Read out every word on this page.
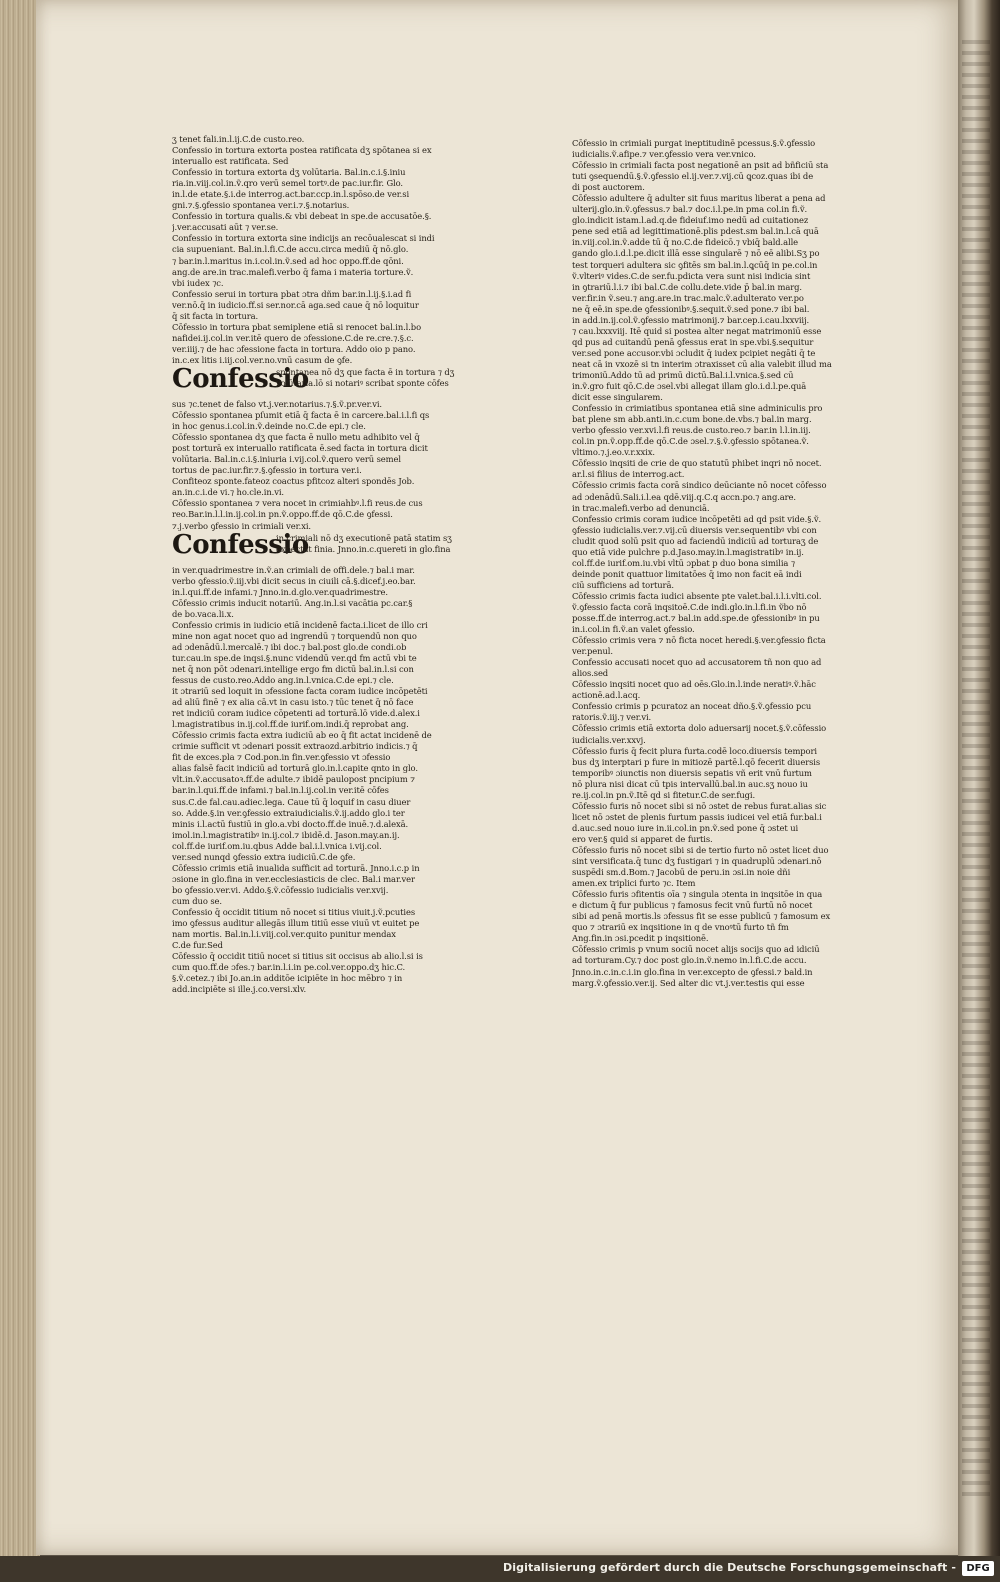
ʒ tenet fali.in.l.ij.C.de custo.reo.
Confessio in tortura extorta postea ratificata dʒ spōtanea si ex
interuallo est ratificata. Sed
Confessio in tortura extorta dʒ volūtaria. Bal.in.c.i.§.iniu
ria.in.viij.col.in.ṽ.qro verū semel tortꝰ.de pac.iur.fir. Glo.
in.l.de etate.§.i.de interrog.act.bar.ccp.in.l.spōso.de ver.si
gni.⁊.§.ꝯfessio spontanea ver.i.⁊.§.notarius.
Confessio in tortura qualis.& vbi debeat in spe.de accusatōe.§.
j.ver.accusati aūt ⁊ ver.se.
Confessio in tortura extorta sine indicijs an recōualescat si indi
cia supueniant. Bal.in.l.fi.C.de accu.circa mediū q̄ nō.glo.
⁊ bar.in.l.maritus in.i.col.in.ṽ.sed ad hoc oppo.ff.de qōni.
ang.de are.in trac.malefi.verbo q̄ fama i materia torture.ṽ.
vbi iudex ⁊c.
Confessio serui in tortura pbat ɔtra dñm bar.in.l.ij.§.i.ad fi
ver.nō.q̄ in iudicio.ff.si ser.nor.cā aga.sed caue q̄ nō loquitur
q̄ sit facta in tortura.
Cōfessio in tortura pbat semiplene etiā si renocet bal.in.l.bo
nafidei.ij.col.in ver.itē quero de ɔfessione.C.de re.cre.⁊.§.c.
ver.iiij.⁊ de hac ɔfessione facta in tortura. Addo oio p pano.
in.c.ex litis i.iij.col.ver.no.vnū casum de ꝯfe.
Confessio
spontanea nō dʒ que facta ē in tortura ⁊ dʒ
volūtaria.lō si notariꝰ scribat sponte cōfes
sus ⁊c.tenet de falso vt.j.ver.notarius.⁊.§.ṽ.pr.ver.vi.
Cōfessio spontanea pſumit etiā q̄ facta ē in carcere.bal.i.l.fi qs
in hoc genus.i.col.in.ṽ.deinde no.C.de epi.⁊ cle.
Cōfessio spontanea dʒ que facta ē nullo metu adhibito vel q̄
post torturā ex interuallo ratificata ē.sed facta in tortura dicit
volūtaria. Bal.in.c.i.§.iniuria i.vij.col.ṽ.quero verū semel
tortus de pac.iur.fir.⁊.§.ꝯfessio in tortura ver.i.
Confiteoz sponte.fateoz coactus pfitcoz alteri spondēs Job.
an.in.c.i.de vi.⁊ ho.cle.in.vi.
Cōfessio spontanea ⁊ vera nocet in crimiahbꝰ.l.fi reus.de cus
reo.Bar.in.l.l.in.ij.col.in pn.ṽ.oppo.ff.de qō.C.de ꝯfessi.
⁊.j.verbo ꝯfessio in crimiali ver.xi.
Confessio
in crimiali nō dʒ executionē patā statim sʒ
expectat finia. Jnno.in.c.quereti in glo.fina
in ver.quadrimestre in.ṽ.an crimiali de offi.dele.⁊ bal.i mar.
verbo ꝯfessio.ṽ.iij.vbi dicit secus in ciuili cā.§.dicef.j.eo.bar.
in.l.qui.ff.de infami.⁊ Jnno.in.d.glo.ver.quadrimestre.
Cōfessio crimis inducit notariū. Ang.in.l.si vacātia pc.car.§
de bo.vaca.li.x.
Confessio crimis in iudicio etiā incidenē facta.i.licet de illo cri
mine non agat nocet quo ad ingrendū ⁊ torquendū non quo
ad ɔdenādū.l.mercalē.⁊ ibi doc.⁊ bal.post glo.de condi.ob
tur.cau.in spe.de inqsi.§.nunc videndū ver.qd fm actū vbi te
net q̄ non pōt ɔdenari.intellige ergo fm dictū bal.in.l.si con
fessus de custo.reo.Addo ang.in.l.vnica.C.de epi.⁊ cle.
it ɔtrariū sed loquit in ɔfessione facta coram iudice incōpetēti
ad aliū finē ⁊ ex alia cā.vt in casu isto.⁊ tūc tenet q̄ nō face
ret indiciū coram iudice cōpetenti ad torturā.lō vide.d.alex.i
l.magistratibus in.ij.col.ff.de iurif.om.indi.q̄ reprobat ang.
Cōfessio crimis facta extra iudiciū ab eo q̄ fit actat incidenē de
crimie sufficit vt ɔdenari possit extraozd.arbitrio indicis.⁊ q̄
fit de exces.pla ⁊ Cod.pon.in fin.ver.ꝯfessio vt ɔfessio
alias falsē facit indiciū ad torturā glo.in.l.capite qnto in glo.
vlt.in.ṽ.accusatoꝛ.ff.de adulte.⁊ ibidē paulopost pncipium ⁊
bar.in.l.qui.ff.de infami.⁊ bal.in.l.ij.col.in ver.itē cōfes
sus.C.de fal.cau.adiec.lega. Caue tū q̄ loquif in casu diuer
so. Adde.§.in ver.ꝯfessio extraiudicialis.ṽ.ij.addo glo.i ter
minis i.l.actū fustiū in glo.a.vbi docto.ff.de inuē.⁊.d.alexā.
imol.in.l.magistratibꝰ in.ij.col.⁊ ibidē.d. Jason.may.an.ij.
col.ff.de iurif.om.iu.qbus Adde bal.i.l.vnica i.vij.col.
ver.sed nunqd ꝯfessio extra iudiciū.C.de ꝯfe.
Cōfessio crimis etiā inualida sufficit ad torturā. Jnno.i.c.p in
ɔsione in glo.fina in ver.ecclesiasticis de clec. Bal.i mar.ver
bo ꝯfessio.ver.vi. Addo.§.ṽ.cōfessio iudicialis ver.xvij.
cum duo se.
Confessio q̄ occidit titium nō nocet si titius viuit.j.ṽ.pcuties
imo ꝯfessus auditur allegās illum titiū esse viuū vt euitet pe
nam mortis. Bal.in.l.i.viij.col.ver.quito punitur mendax
C.de fur.Sed
Cōfessio q̄ occidit titiū nocet si titius sit occisus ab alio.l.si is
cum quo.ff.de ɔfes.⁊ bar.in.l.i.in pe.col.ver.oppo.dʒ hic.C.
§.ṽ.cetez.⁊ ibi Jo.an.in additōe icipiēte in hoc mēbro ⁊ in
add.incipiēte si ille.j.co.versi.xlv.
Cōfessio in crimiali purgat ineptitudinē pcessus.§.ṽ.ꝯfessio
iudicialis.ṽ.afipe.⁊ ver.ꝯfessio vera ver.vnico.
Cōfessio in crimiali facta post negationē an psit ad bñficiū sta
tuti ꝯsequendū.§.ṽ.ꝯfessio el.ij.ver.⁊.vij.cū ꝗcoz.quas ibi de
di post auctorem.
Cōfessio adultere q̄ adulter sit fuus maritus liberat a pena ad
ulterij.glo.in.ṽ.ꝯfessus.⁊ bal.⁊ doc.i.l.pe.in pma col.in fi.ṽ.
glo.indicit istam.l.ad.q.de fideiuf.imo nedū ad cuitationez
pene sed etiā ad legittimationē.plis pdest.sm bal.in.l.cā quā
in.viij.col.in.ṽ.adde tū q̄ no.C.de fideicō.⁊ vbiq̄ bald.alle
gando glo.i.d.l.pe.dicit illā esse singularē ⁊ nō eē alibi.Sʒ po
test torqueri adultera sic ꝯfitēs sm bal.in.l.ꝗcūq̄ in pe.col.in
ṽ.vlteriꝰ vides.C.de ser.fu.pdicta vera sunt nisi indicia sint
in ꝯtrariū.l.i.⁊ ibi bal.C.de collu.dete.vide p̄ bal.in marg.
ver.fir.in ṽ.seu.⁊ ang.are.in trac.malc.ṽ.adulterato ver.po
ne q̄ eē.in spe.de ꝯfessionibꝰ.§.sequit.ṽ.sed pone.⁊ ibi bal.
in add.in.ij.col.ṽ.ꝯfessio matrimonij.⁊ bar.cep.i.cau.lxxviij.
⁊ cau.lxxxviij. Itē quid si postea alter negat matrimoniū esse
qd pus ad cuitandū penā ꝯfessus erat in spe.vbi.§.sequitur
ver.sed pone accusor.vbi ɔcludit q̄ iudex pcipiet negāti q̄ te
neat cā in vxozē si tn interim ɔtraxisset cū alia valebit illud ma
trimoniū.Addo tū ad primū dictū.Bal.i.l.vnica.§.sed cū
in.ṽ.gro fuit qō.C.de ɔsel.vbi allegat illam glo.i.d.l.pe.quā
dicit esse singularem.
Confessio in crimiatibus spontanea etiā sine adminiculis pro
bat plene sm abb.anti.in.c.cum bone.de.vbs.⁊ bal.in marg.
verbo ꝯfessio ver.xvi.l.fi reus.de custo.reo.⁊ bar.in l.l.in.iij.
col.in pn.ṽ.opp.ff.de qō.C.de ɔsel.⁊.§.ṽ.ꝯfessio spōtanea.ṽ.
vltimo.⁊.j.eo.v.r.xxix.
Cōfessio inqsiti de crie de quo statutū phibet inqri nō nocet.
ar.l.si filius de interrog.act.
Cōfessio crimis facta corā sindico deūciante nō nocet cōfesso
ad ɔdenādū.Sali.i.l.ea qdē.viij.q.C.q accn.po.⁊ ang.are.
in trac.malefi.verbo ad denunciā.
Confessio crimis coram iudice incōpetēti ad qd psit vide.§.ṽ.
ꝯfessio iudicialis.ver.⁊.vij.cū diuersis ver.sequentibꝰ vbi con
cludit quod solū psit quo ad faciendū indiciū ad torturaʒ de
quo etiā vide pulchre p.d.Jaso.may.in.l.magistratibꝰ in.ij.
col.ff.de iurif.om.iu.vbi vltū ɔpbat p duo bona similia ⁊
deinde ponit quattuor limitatōes q̄ imo non facit eā indi
ciū sufficiens ad torturā.
Cōfessio crimis facta iudici absente pte valet.bal.i.l.i.vlti.col.
ṽ.ꝯfessio facta corā inqsitoē.C.de indi.glo.in.l.fi.in ṽbo nō
posse.ff.de interrog.act.⁊ bal.in add.spe.de ꝯfessionibꝰ in pu
in.i.col.in fi.ṽ.an valet ꝯfessio.
Cōfessio crimis vera ⁊ nō ficta nocet heredi.§.ver.ꝯfessio ficta
ver.penul.
Confessio accusati nocet quo ad accusatorem tñ non quo ad
alios.sed
Cōfessio inqsiti nocet quo ad oēs.Glo.in.l.inde neratiꝰ.ṽ.hāc
actionē.ad.l.acq.
Confessio crimis p pcuratoz an noceat dño.§.ṽ.ꝯfessio pcu
ratoris.ṽ.iij.⁊ ver.vi.
Cōfessio crimis etiā extorta dolo aduersarij nocet.§.ṽ.cōfessio
iudicialis.ver.xxvj.
Cōfessio furis q̄ fecit plura furta.codē loco.diuersis tempori
bus dʒ interptari p fure in mitiozē partē.l.qō fecerit diuersis
temporibꝰ ɔiunctis non diuersis sepatis vñ erit vnū furtum
nō plura nisi dicat cū tpis intervallū.bal.in auc.sʒ nouo iu
re.ij.col.in pn.ṽ.Itē qd si fitetur.C.de ser.fugi.
Cōfessio furis nō nocet sibi si nō ɔstet de rebus furat.alias sic
licet nō ɔstet de plenis furtum passis iudicei vel etiā fur.bal.i
d.auc.sed nouo iure in.ii.col.in pn.ṽ.sed pone q̄ ɔstet ui
ero ver.§ quid si apparet de furtis.
Cōfessio furis nō nocet sibi si de tertio furto nō ɔstet licet duo
sint versificata.q̄ tunc dʒ fustigari ⁊ in quadruplū ɔdenari.nō
suspēdi sm.d.Bom.⁊ Jacobū de peru.in ɔsi.in noie dñi
amen.ex triplici furto ⁊c. Item
Cōfessio furis ɔfitentis oīa ⁊ singula ɔtenta in inqsitōe in qua
e dictum q̄ fur publicus ⁊ famosus fecit vnū furtū nō nocet
sibi ad penā mortis.ls ɔfessus fit se esse publicū ⁊ famosum ex
quo ⁊ ɔtrariū ex inqsitione in q de vnoꝰtū furto tñ fm
Ang.fin.in ɔsi.pcedit p inqsitionē.
Cōfessio crimis p vnum sociū nocet alijs socijs quo ad idiciū
ad torturam.Cy.⁊ doc post glo.in.ṽ.nemo in.l.fi.C.de accu.
Jnno.in.c.in.c.i.in glo.fina in ver.excepto de ꝯfessi.⁊ bald.in
marg.ṽ.ꝯfessio.ver.ij. Sed alter dic vt.j.ver.testis qui esse
Digitalisierung gefördert durch die Deutsche Forschungsgemeinschaft -	DFG
